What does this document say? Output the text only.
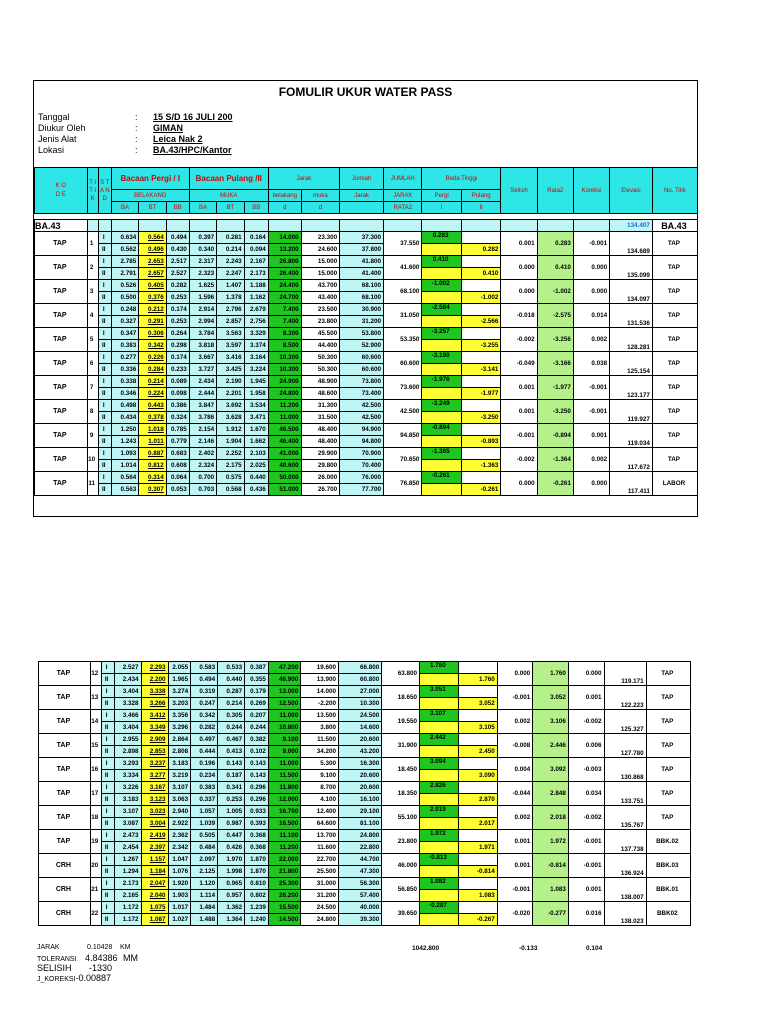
FOMULIR UKUR WATER PASS
Tanggal	:	15 S/D 16 JULI 200
Diukur Oleh	:	GIMAN
Jenis Alat	:	Leica Nak 2
Lokasi	:	BA.43/HPC/Kantor
K O D E	T I T I K	S T A N D	Bacaan Pergi / I			Bacaan Pulang /II			Jarak		Jumlah	JUMLAH	Beda Tinggi		Selisih	Rata2	Koreksi	Elevasi	No. Titik
			BELAKANG			MUKA			belakang	muka	Jarak	JARAK	Pergi	Pulang					
			BA	BT	BB	BA	BT	BB	d	d		RATA2	I	II					
BA.43																		134.407	BA.43
TAP	1	I	0.634	0.564	0.494	0.397	0.281	0.164	14.000	23.300	37.300	37.550	0.283		0.001	0.283	-0.001	134.689	TAP
		II	0.562	0.496	0.430	0.340	0.214	0.094	13.200	24.600	37.800			0.282					
TAP	2	I	2.785	2.653	2.517	2.317	2.243	2.167	26.800	15.000	41.800	41.600	0.410		0.000	0.410	0.000	135.099	TAP
		II	2.791	2.657	2.527	2.323	2.247	2.173	26.400	15.000	41.400			0.410					
TAP	3	I	0.526	0.405	0.282	1.625	1.407	1.188	24.400	43.700	68.100	68.100	-1.002		0.000	-1.002	0.000	134.097	TAP
		II	0.500	0.376	0.253	1.596	1.378	1.162	24.700	43.400	68.100			-1.002					
TAP	4	I	0.248	0.212	0.174	2.914	2.796	2.679	7.400	23.500	30.900	31.050	-2.584		-0.018	-2.575	0.014	131.536	TAP
		II	0.327	0.291	0.253	2.994	2.857	2.756	7.400	23.800	31.200			-2.566					
TAP	5	I	0.347	0.306	0.264	3.784	3.563	3.329	8.300	45.500	53.800	53.350	-3.257		-0.002	-3.256	0.002	128.281	TAP
		II	0.383	0.342	0.298	3.818	3.597	3.374	8.500	44.400	52.900			-3.255					
TAP	6	I	0.277	0.226	0.174	3.667	3.416	3.164	10.300	50.300	60.600	60.600	-3.190		-0.049	-3.166	0.038	125.154	TAP
		II	0.336	0.284	0.233	3.727	3.425	3.224	10.300	50.300	60.600			-3.141					
TAP	7	I	0.338	0.214	0.089	2.434	2.190	1.945	24.900	48.900	73.800	73.600	-1.976		0.001	-1.977	-0.001	123.177	TAP
		II	0.346	0.224	0.098	2.444	2.201	1.958	24.800	48.600	73.400			-1.977					
TAP	8	I	0.498	0.443	0.386	3.847	3.692	3.534	11.200	31.300	42.500	42.500	-3.249		0.001	-3.250	-0.001	119.927	TAP
		II	0.434	0.378	0.324	3.786	3.628	3.471	11.000	31.500	42.500			-3.250					
TAP	9	I	1.250	1.018	0.785	2.154	1.912	1.670	46.500	48.400	94.900	94.850	-0.894		-0.001	-0.894	0.001	119.034	TAP
		II	1.243	1.011	0.779	2.146	1.904	1.662	46.400	48.400	94.800			-0.893					
TAP	10	I	1.093	0.887	0.683	2.402	2.252	2.103	41.000	29.900	70.900	70.650	-1.365		-0.002	-1.364	0.002	117.672	TAP
		II	1.014	0.812	0.608	2.324	2.175	2.025	40.600	29.800	70.400			-1.363					
TAP	11	I	0.564	0.314	0.064	0.700	0.575	0.440	50.000	26.000	76.000	76.850	-0.261		0.000	-0.261	0.000	117.411	LABOR
		II	0.563	0.307	0.053	0.703	0.568	0.436	51.000	26.700	77.700			-0.261					
TAP	12	I	2.527	2.293	2.055	0.583	0.533	0.387	47.200	19.600	66.800	63.800	1.760		0.000	1.760	0.000	119.171	TAP
		II	2.434	2.200	1.965	0.494	0.440	0.355	46.900	13.900	60.800			1.760					
TAP	13	I	3.404	3.338	3.274	0.319	0.287	0.179	13.000	14.000	27.000	18.650	3.051		-0.001	3.052	0.001	122.223	TAP
		II	3.328	3.266	3.203	0.247	0.214	0.269	12.500	-2.200	10.300			3.052					
TAP	14	I	3.466	3.412	3.356	0.342	0.305	0.207	11.000	13.500	24.500	19.550	3.107		0.002	3.106	-0.002	125.327	TAP
		II	3.404	3.349	3.296	0.282	0.244	0.244	10.800	3.800	14.600			3.105					
TAP	15	I	2.955	2.909	2.864	0.497	0.467	0.382	9.100	11.500	20.600	31.900	2.442		-0.008	2.446	0.006	127.780	TAP
		II	2.898	2.853	2.808	0.444	0.413	0.102	9.000	34.200	43.200			2.450					
TAP	16	I	3.293	3.237	3.183	0.196	0.143	0.143	11.000	5.300	16.300	18.450	3.094		0.004	3.092	-0.003	130.868	TAP
		II	3.334	3.277	3.219	0.234	0.187	0.143	11.500	9.100	20.600			3.090					
TAP	17	I	3.226	3.167	3.107	0.383	0.341	0.296	11.800	8.700	20.600	18.350	2.826		-0.044	2.848	0.034	133.751	TAP
		II	3.183	3.123	3.063	0.337	0.253	0.296	12.000	4.100	16.100			2.870					
TAP	18	I	3.107	3.023	2.940	1.057	1.005	0.933	16.700	12.400	29.100	55.100	2.019		0.002	2.018	-0.002	135.767	TAP
		II	3.087	3.004	2.922	1.039	0.987	0.393	16.500	64.600	81.100			2.017					
TAP	19	I	2.473	2.419	2.362	0.505	0.447	0.368	11.100	13.700	24.800	23.800	1.972		0.001	1.972	-0.001	137.738	BBK.02
		II	2.454	2.397	2.342	0.484	0.426	0.368	11.200	11.600	22.800			1.971					
CRH	20	I	1.267	1.157	1.047	2.097	1.970	1.870	22.000	22.700	44.700	46.000	-0.813		0.001	-0.814	-0.001	136.924	BBK.03
		II	1.294	1.184	1.076	2.125	1.998	1.870	21.800	25.500	47.300			-0.814					
CRH	21	I	2.173	2.047	1.920	1.120	0.965	0.810	25.300	31.000	56.300	56.850	1.082		-0.001	1.083	0.001	138.007	BBK.01
		II	2.165	2.040	1.903	1.114	0.957	0.802	26.200	31.200	57.400			1.083					
CRH	22	I	1.172	1.075	1.017	1.484	1.362	1.239	15.500	24.500	40.000	39.650	-0.287		-0.020	-0.277	0.016	138.023	BBK02
		II	1.172	1.087	1.027	1.488	1.364	1.240	14.500	24.800	39.300			-0.267					
JARAK	0.10428 KM
TOLERANSI 4.84386 MM
SELISIH -1330
J_KOREKSI-0.00887
1042.800	-0.133	0.104
